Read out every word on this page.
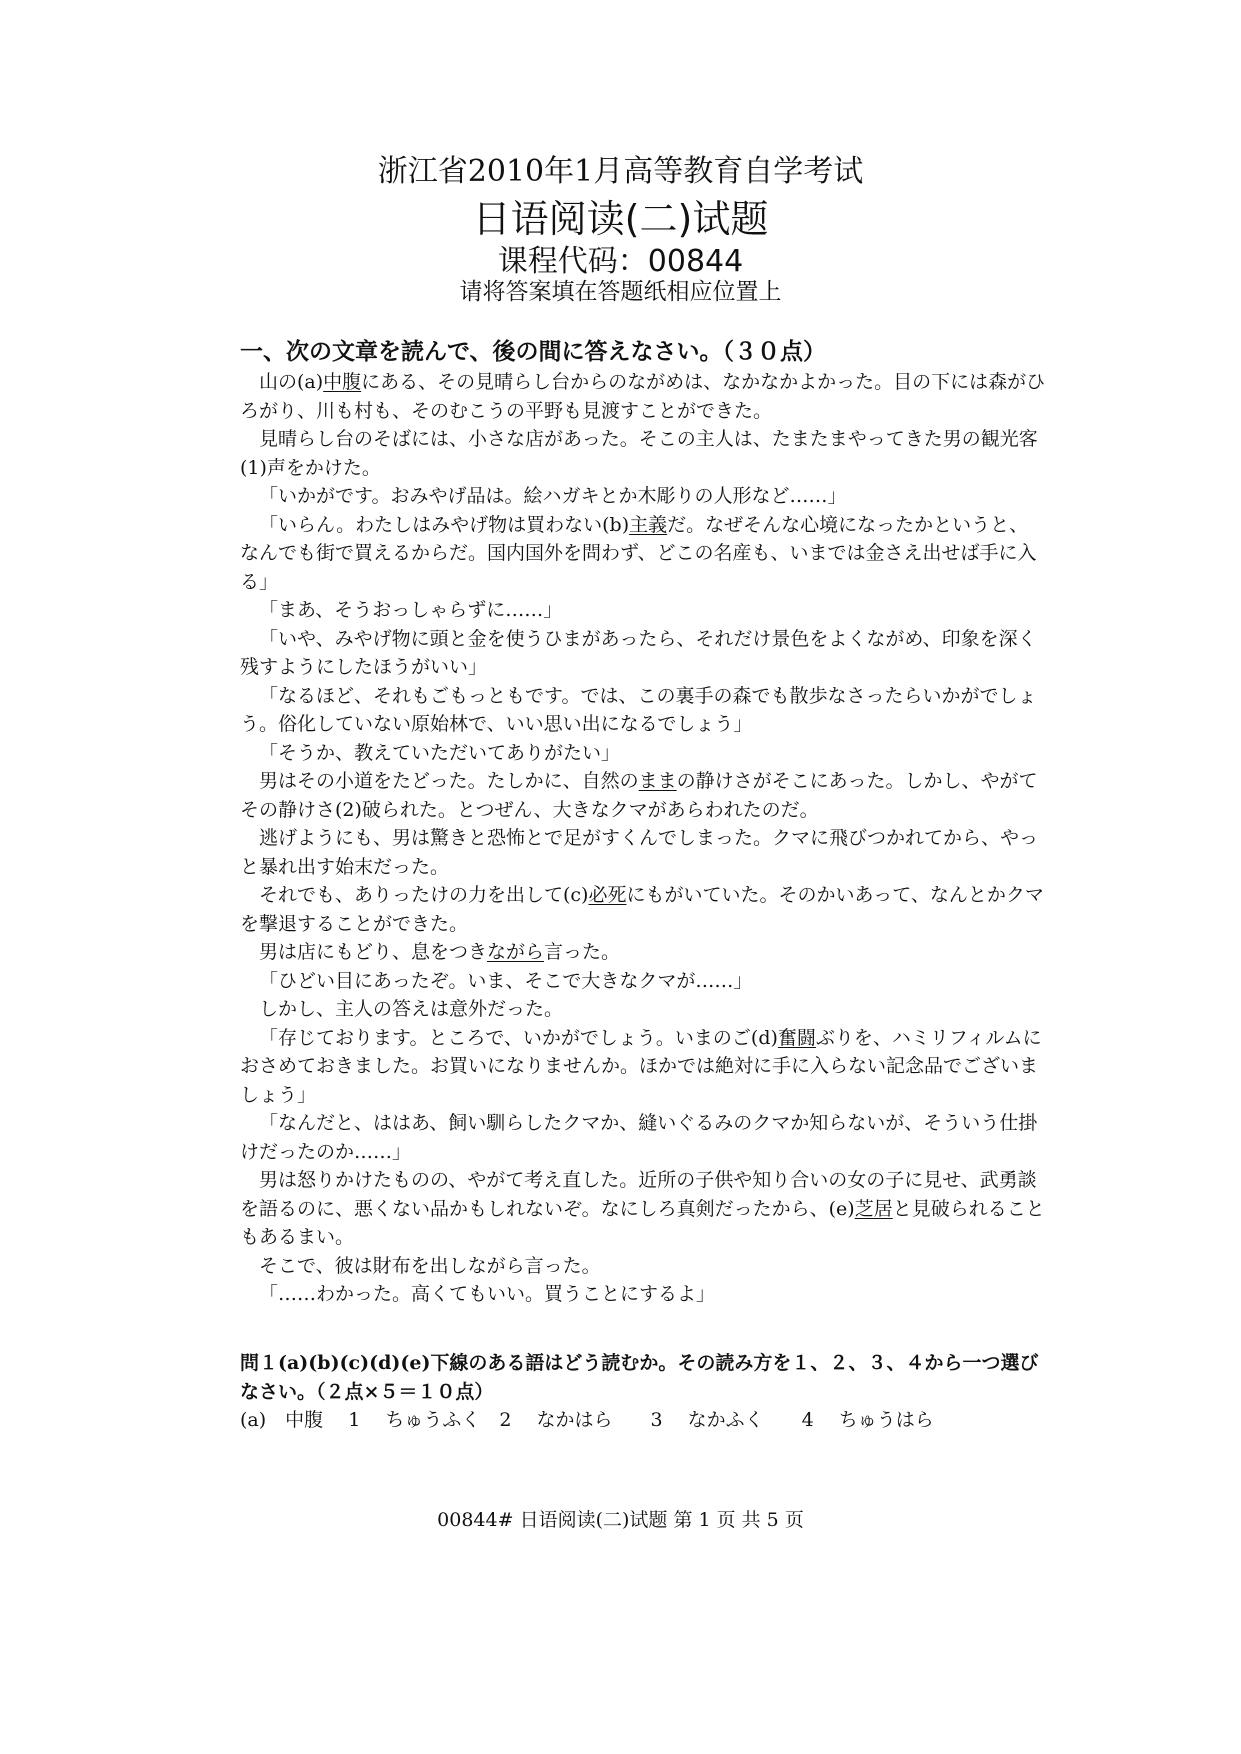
浙江省2010年1月高等教育自学考试
日语阅读(二)试题
课程代码：00844
请将答案填在答题纸相应位置上
一、次の文章を読んで、後の間に答えなさい。（３０点）

山の(a)中腹にある、その見晴らし台からのながめは、なかなかよかった。目の下には森がひろがり、川も村も、そのむこうの平野も見渡すことができた。

見晴らし台のそばには、小さな店があった。そこの主人は、たまたまやってきた男の観光客(1)声をかけた。

「いかがです。おみやげ品は。絵ハガキとか木彫りの人形など……」

「いらん。わたしはみやげ物は買わない(b)主義だ。なぜそんな心境になったかというと、なんでも街で買えるからだ。国内国外を問わず、どこの名産も、いまでは金さえ出せば手に入る」

「まあ、そうおっしゃらずに……」

「いや、みやげ物に頭と金を使うひまがあったら、それだけ景色をよくながめ、印象を深く残すようにしたほうがいい」

「なるほど、それもごもっともです。では、この裏手の森でも散歩なさったらいかがでしょう。俗化していない原始林で、いい思い出になるでしょう」

「そうか、教えていただいてありがたい」

男はその小道をたどった。たしかに、自然のままの静けさがそこにあった。しかし、やがてその静けさ(2)破られた。とつぜん、大きなクマがあらわれたのだ。

逃げようにも、男は驚きと恐怖とで足がすくんでしまった。クマに飛びつかれてから、やっと暴れ出す始末だった。

それでも、ありったけの力を出して(c)必死にもがいていた。そのかいあって、なんとかクマを撃退することができた。

男は店にもどり、息をつきながら言った。

「ひどい目にあったぞ。いま、そこで大きなクマが……」

しかし、主人の答えは意外だった。

「存じております。ところで、いかがでしょう。いまのご(d)奮闘ぶりを、ハミリフィルムにおさめておきました。お買いになりませんか。ほかでは絶対に手に入らない記念品でございましょう」

「なんだと、ははあ、飼い馴らしたクマか、縫いぐるみのクマか知らないが、そういう仕掛けだったのか……」

男は怒りかけたものの、やがて考え直した。近所の子供や知り合いの女の子に見せ、武勇談を語るのに、悪くない品かもしれないぞ。なにしろ真剣だったから、(e)芝居と見破られることもあるまい。

そこで、彼は財布を出しながら言った。

「……わかった。高くてもいい。買うことにするよ」

問１(a)(b)(c)(d)(e)下線のある語はどう読むか。その読み方を１、２、３、４から一つ選びなさい。（２点×５＝１０点）
(a)　中腹　 1　 ちゅうふく　2　 なかはら　　3　 なかふく　　4　 ちゅうはら
00844# 日语阅读(二)试题 第 1 页 共 5 页
